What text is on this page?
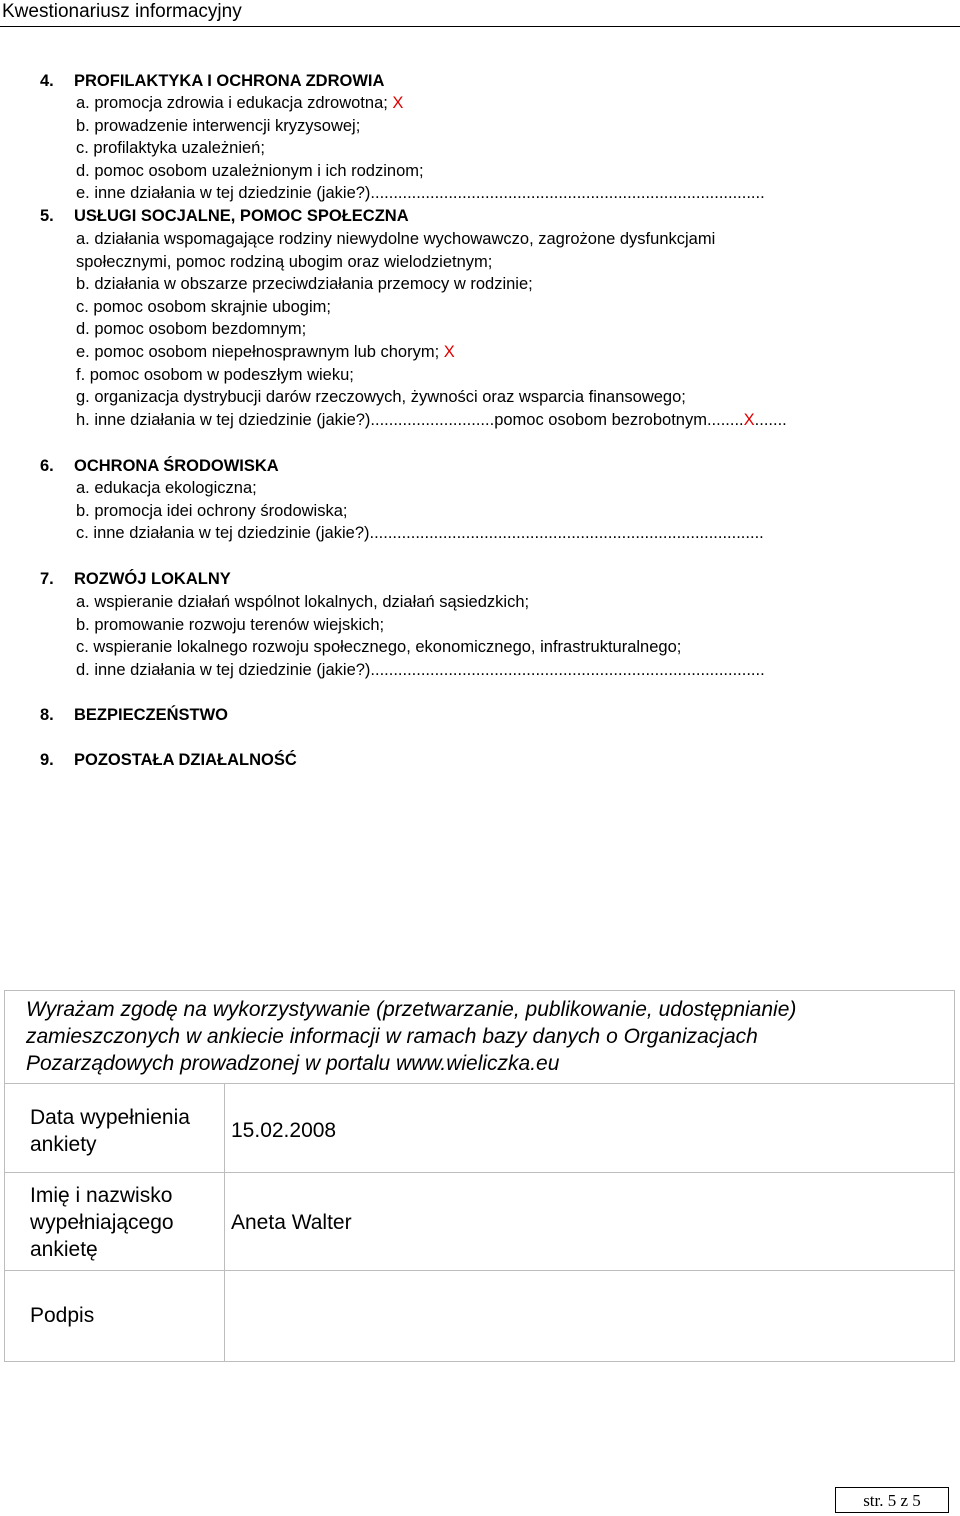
Kwestionariusz informacyjny
4. PROFILAKTYKA I OCHRONA ZDROWIA
a. promocja zdrowia i edukacja zdrowotna; X
b. prowadzenie interwencji kryzysowej;
c. profilaktyka uzależnień;
d. pomoc osobom uzależnionym i ich rodzinom;
e. inne działania w tej dziedzinie (jakie?)......................................................................................
5. USŁUGI SOCJALNE, POMOC SPOŁECZNA
a. działania wspomagające rodziny niewydolne wychowawczo, zagrożone dysfunkcjami
społecznymi, pomoc rodziną ubogim oraz wielodzietnym;
b. działania w obszarze przeciwdziałania przemocy w rodzinie;
c. pomoc osobom skrajnie ubogim;
d. pomoc osobom bezdomnym;
e. pomoc osobom niepełnosprawnym lub chorym; X
f. pomoc osobom w podeszłym wieku;
g. organizacja dystrybucji darów rzeczowych, żywności oraz wsparcia finansowego;
h. inne działania w tej dziedzinie (jakie?)...........................pomoc osobom bezrobotnym........X.......
6. OCHRONA ŚRODOWISKA
a. edukacja ekologiczna;
b. promocja idei ochrony środowiska;
c. inne działania w tej dziedzinie (jakie?)......................................................................................
7. ROZWÓJ LOKALNY
a. wspieranie działań wspólnot lokalnych, działań sąsiedzkich;
b. promowanie rozwoju terenów wiejskich;
c. wspieranie lokalnego rozwoju społecznego, ekonomicznego, infrastrukturalnego;
d. inne działania w tej dziedzinie (jakie?)......................................................................................
8. BEZPIECZEŃSTWO
9. POZOSTAŁA DZIAŁALNOŚĆ
Wyrażam zgodę na wykorzystywanie (przetwarzanie, publikowanie, udostępnianie)
zamieszczonych w ankiecie informacji w ramach bazy danych o Organizacjach
Pozarządowych prowadzonej w portalu www.wieliczka.eu
Data wypełnienia
ankiety
15.02.2008
Imię i nazwisko
wypełniającego
ankietę
Aneta Walter
Podpis
str. 5 z 5
